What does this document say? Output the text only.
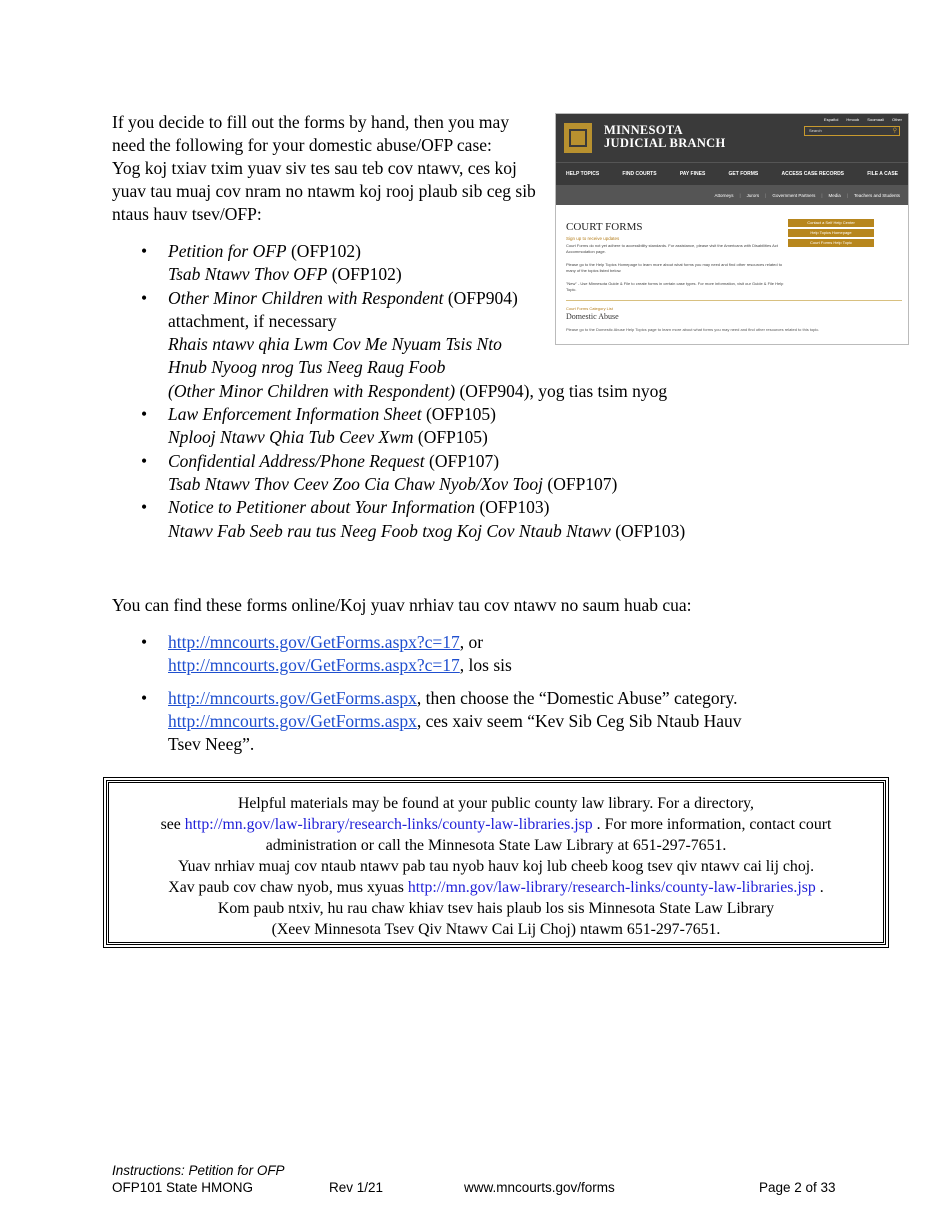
If you decide to fill out the forms by hand, then you may need the following for your domestic abuse/OFP case:

Yog koj txiav txim yuav siv tes sau teb cov ntawv, ces koj yuav tau muaj cov nram no ntawm koj rooj plaub sib ceg sib ntaus hauv tsev/OFP:

MINNESOTA
JUDICIAL BRANCH
Español Hmoob Soomaali Other
Search	⚲
HELP TOPICS	FIND COURTS	PAY FINES	GET FORMS	ACCESS CASE RECORDS	FILE A CASE
Attorneys | Jurors | Government Partners | Media | Teachers and Students
COURT FORMS
Sign up to receive updates
Court Forms do not yet adhere to accessibility standards. For assistance, please visit the Americans with Disabilities Act Accommodation page.
Please go to the Help Topics Homepage to learn more about what forms you may need and find other resources related to many of the topics listed below.
"New" - Use Minnesota Guide & File to create forms in certain case types. For more information, visit our Guide & File Help Topic.
Contact a Self Help Center
Help Topics Homepage
Court Forms Help Topic
Court Forms Category List
Domestic Abuse
Please go to the Domestic Abuse Help Topics page to learn more about what forms you may need and find other resources related to this topic.
• Petition for OFP (OFP102)
Tsab Ntawv Thov OFP (OFP102)
• Other Minor Children with Respondent (OFP904)
attachment, if necessary
Rhais ntawv qhia Lwm Cov Me Nyuam Tsis Nto
Hnub Nyoog nrog Tus Neeg Raug Foob
(Other Minor Children with Respondent) (OFP904), yog tias tsim nyog
• Law Enforcement Information Sheet (OFP105)
Nplooj Ntawv Qhia Tub Ceev Xwm (OFP105)
• Confidential Address/Phone Request (OFP107)
Tsab Ntawv Thov Ceev Zoo Cia Chaw Nyob/Xov Tooj (OFP107)
• Notice to Petitioner about Your Information (OFP103)
Ntawv Fab Seeb rau tus Neeg Foob txog Koj Cov Ntaub Ntawv (OFP103)

You can find these forms online/Koj yuav nrhiav tau cov ntawv no saum huab cua:

• http://mncourts.gov/GetForms.aspx?c=17, or
http://mncourts.gov/GetForms.aspx?c=17, los sis
• http://mncourts.gov/GetForms.aspx, then choose the “Domestic Abuse” category.
http://mncourts.gov/GetForms.aspx, ces xaiv seem “Kev Sib Ceg Sib Ntaub Hauv
Tsev Neeg”.

Helpful materials may be found at your public county law library. For a directory,

see http://mn.gov/law-library/research-links/county-law-libraries.jsp . For more information, contact court

administration or call the Minnesota State Law Library at 651-297-7651.

Yuav nrhiav muaj cov ntaub ntawv pab tau nyob hauv koj lub cheeb koog tsev qiv ntawv cai lij choj.

Xav paub cov chaw nyob, mus xyuas http://mn.gov/law-library/research-links/county-law-libraries.jsp .

Kom paub ntxiv, hu rau chaw khiav tsev hais plaub los sis Minnesota State Law Library

(Xeev Minnesota Tsev Qiv Ntawv Cai Lij Choj) ntawm 651-297-7651.

Instructions: Petition for OFP
OFP101 State HMONG	Rev 1/21	www.mncourts.gov/forms	Page 2 of 33
